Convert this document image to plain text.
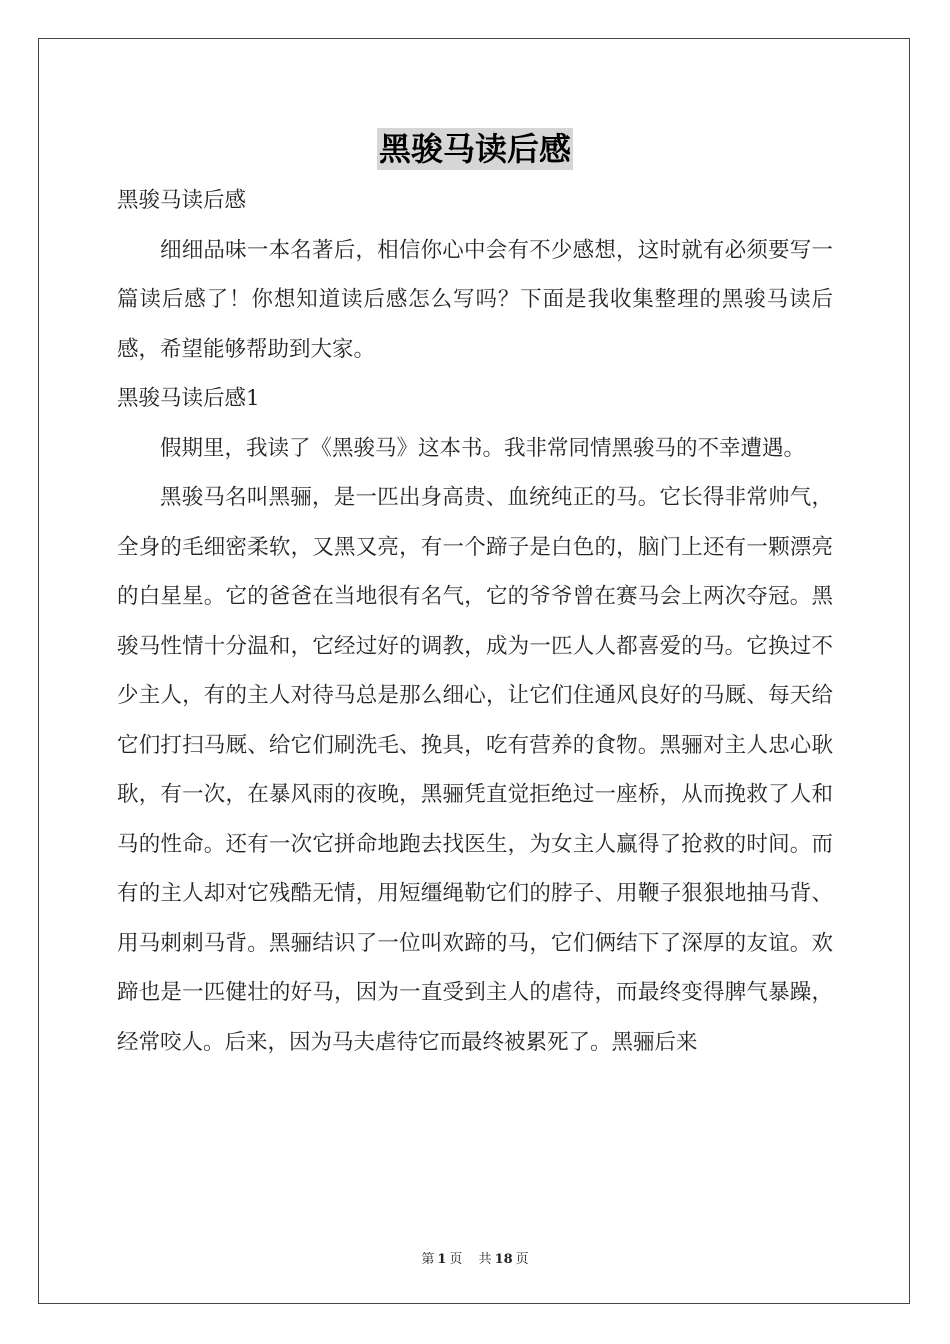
黑骏马读后感

黑骏马读后感

细细品味一本名著后，相信你心中会有不少感想，这时就有必须要写一篇读后感了！你想知道读后感怎么写吗？下面是我收集整理的黑骏马读后感，希望能够帮助到大家。

黑骏马读后感1

假期里，我读了《黑骏马》这本书。我非常同情黑骏马的不幸遭遇。

黑骏马名叫黑骊，是一匹出身高贵、血统纯正的马。它长得非常帅气，全身的毛细密柔软，又黑又亮，有一个蹄子是白色的，脑门上还有一颗漂亮的白星星。它的爸爸在当地很有名气，它的爷爷曾在赛马会上两次夺冠。黑骏马性情十分温和，它经过好的调教，成为一匹人人都喜爱的马。它换过不少主人，有的主人对待马总是那么细心，让它们住通风良好的马厩、每天给它们打扫马厩、给它们刷洗毛、挽具，吃有营养的食物。黑骊对主人忠心耿耿，有一次，在暴风雨的夜晚，黑骊凭直觉拒绝过一座桥，从而挽救了人和马的性命。还有一次它拼命地跑去找医生，为女主人赢得了抢救的时间。而有的主人却对它残酷无情，用短缰绳勒它们的脖子、用鞭子狠狠地抽马背、用马刺刺马背。黑骊结识了一位叫欢蹄的马，它们俩结下了深厚的友谊。欢蹄也是一匹健壮的好马，因为一直受到主人的虐待，而最终变得脾气暴躁，经常咬人。后来，因为马夫虐待它而最终被累死了。黑骊后来

第 1 页 共 18 页
